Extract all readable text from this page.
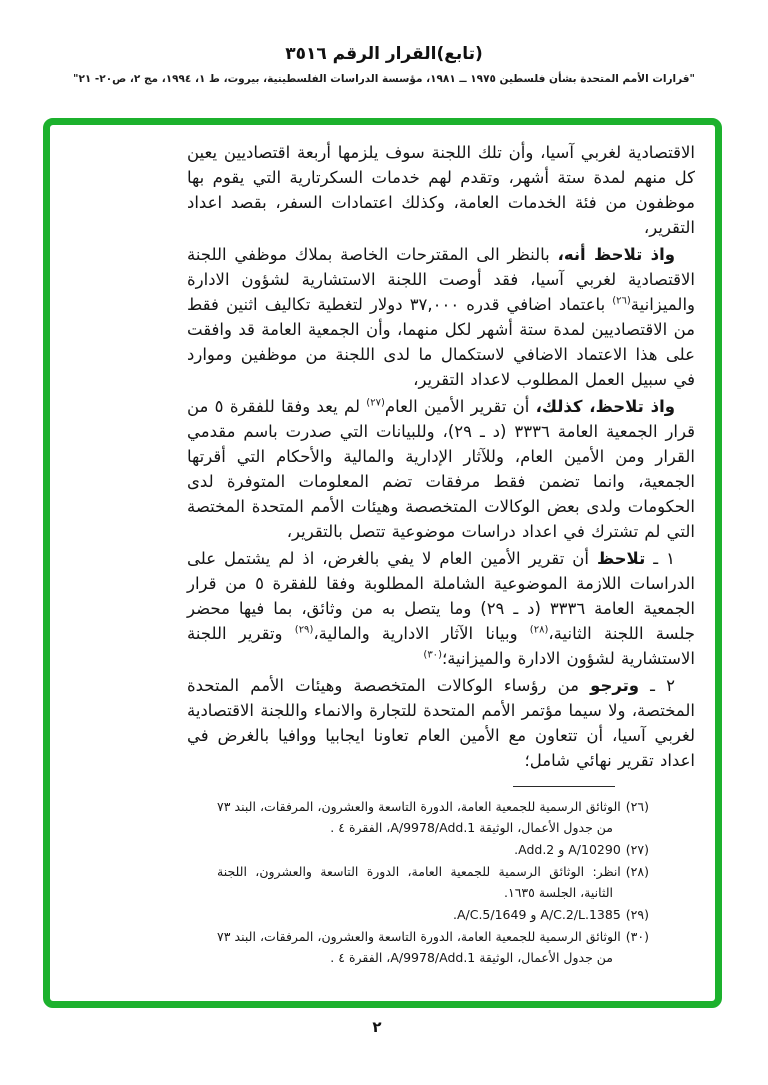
(تابع)القرار الرقم ٣٥١٦
"قرارات الأمم المتحدة بشأن فلسطين ١٩٧٥ ــ ١٩٨١، مؤسسة الدراسات الفلسطينية، بيروت، ط ١، ١٩٩٤، مج ٢، ص٢٠- ٢١"

الاقتصادية لغربي آسيا، وأن تلك اللجنة سوف يلزمها أربعة اقتصاديين يعين كل منهم لمدة ستة أشهر، وتقدم لهم خدمات السكرتارية التي يقوم بها موظفون من فئة الخدمات العامة، وكذلك اعتمادات السفر، بقصد اعداد التقرير،

واذ تلاحظ أنه، بالنظر الى المقترحات الخاصة بملاك موظفي اللجنة الاقتصادية لغربي آسيا، فقد أوصت اللجنة الاستشارية لشؤون الادارة والميزانية$^{(٢٦)}$ باعتماد اضافي قدره ٣٧,٠٠٠ دولار لتغطية تكاليف اثنين فقط من الاقتصاديين لمدة ستة أشهر لكل منهما، وأن الجمعية العامة قد وافقت على هذا الاعتماد الاضافي لاستكمال ما لدى اللجنة من موظفين وموارد في سبيل العمل المطلوب لاعداد التقرير،

واذ تلاحظ، كذلك، أن تقرير الأمين العام$^{(٢٧)}$ لم يعد وفقا للفقرة ٥ من قرار الجمعية العامة ٣٣٣٦ (د ـ ٢٩)، وللبيانات التي صدرت باسم مقدمي القرار ومن الأمين العام، وللآثار الإدارية والمالية والأحكام التي أقرتها الجمعية، وانما تضمن فقط مرفقات تضم المعلومات المتوفرة لدى الحكومات ولدى بعض الوكالات المتخصصة وهيئات الأمم المتحدة المختصة التي لم تشترك في اعداد دراسات موضوعية تتصل بالتقرير،

١ ـ تلاحظ أن تقرير الأمين العام لا يفي بالغرض، اذ لم يشتمل على الدراسات اللازمة الموضوعية الشاملة المطلوبة وفقا للفقرة ٥ من قرار الجمعية العامة ٣٣٣٦ (د ـ ٢٩) وما يتصل به من وثائق، بما فيها محضر جلسة اللجنة الثانية،$^{(٢٨)}$ وبيانا الآثار الادارية والمالية،$^{(٢٩)}$ وتقرير اللجنة الاستشارية لشؤون الادارة والميزانية؛$^{(٣٠)}$

٢ ـ وترجو من رؤساء الوكالات المتخصصة وهيئات الأمم المتحدة المختصة، ولا سيما مؤتمر الأمم المتحدة للتجارة والانماء واللجنة الاقتصادية لغربي آسيا، أن تتعاون مع الأمين العام تعاونا ايجابيا ووافيا بالغرض في اعداد تقرير نهائي شامل؛

(٢٦)الوثائق الرسمية للجمعية العامة، الدورة التاسعة والعشرون، المرفقات، البند ٧٣ من جدول الأعمال، الوثيقة A/9978/Add.1، الفقرة ٤ .

(٢٧)A/10290 و Add.2.

(٢٨)انظر: الوثائق الرسمية للجمعية العامة، الدورة التاسعة والعشرون، اللجنة الثانية، الجلسة ١٦٣٥.

(٢٩)A/C.2/L.1385 و A/C.5/1649.

(٣٠)الوثائق الرسمية للجمعية العامة، الدورة التاسعة والعشرون، المرفقات، البند ٧٣ من جدول الأعمال، الوثيقة A/9978/Add.1، الفقرة ٤ .

٢
